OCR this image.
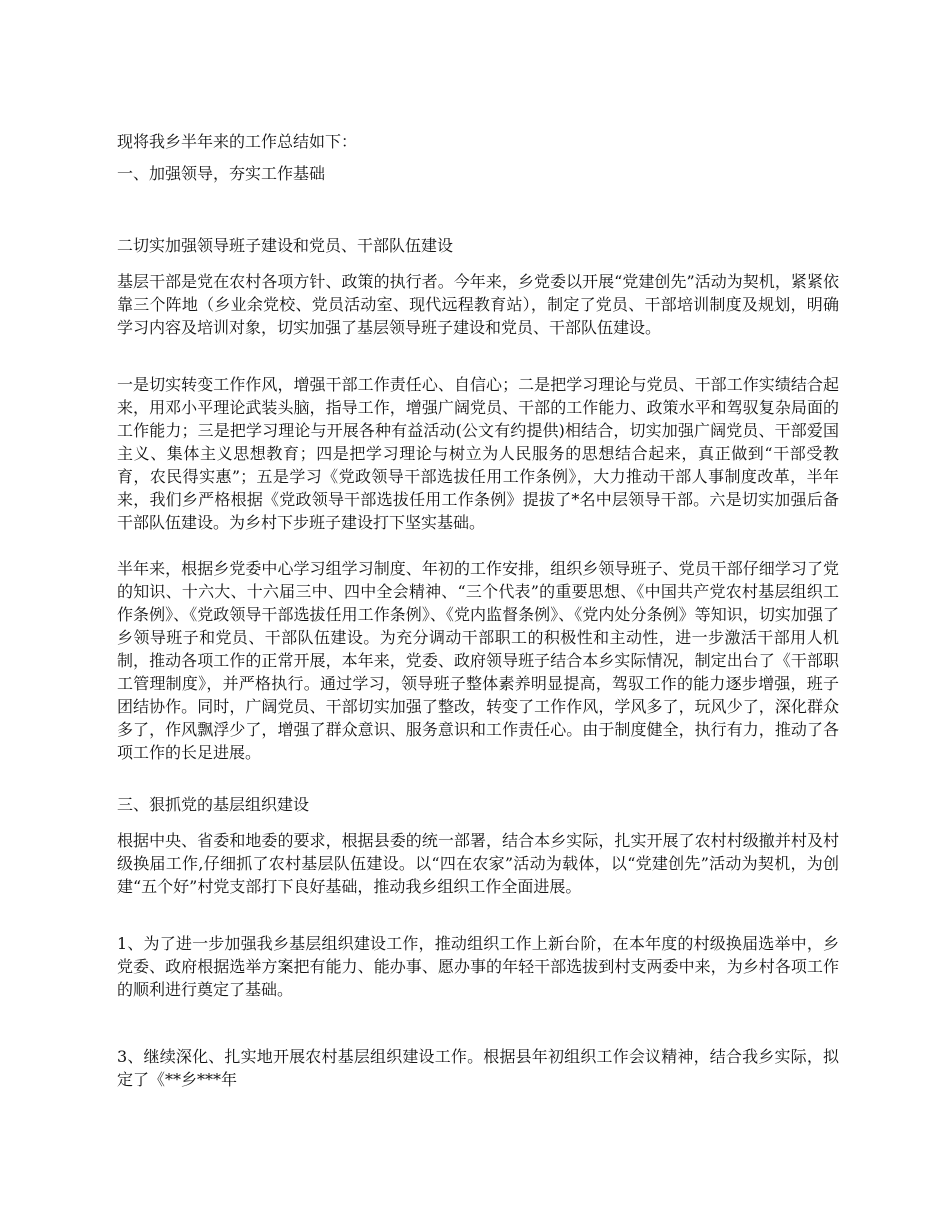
现将我乡半年来的工作总结如下：

一、加强领导，夯实工作基础

二切实加强领导班子建设和党员、干部队伍建设

基层干部是党在农村各项方针、政策的执行者。今年来，乡党委以开展“党建创先”活动为契机，紧紧依靠三个阵地（乡业余党校、党员活动室、现代远程教育站），制定了党员、干部培训制度及规划，明确学习内容及培训对象，切实加强了基层领导班子建设和党员、干部队伍建设。

一是切实转变工作作风，增强干部工作责任心、自信心；二是把学习理论与党员、干部工作实绩结合起来，用邓小平理论武装头脑，指导工作，增强广阔党员、干部的工作能力、政策水平和驾驭复杂局面的工作能力；三是把学习理论与开展各种有益活动(公文有约提供)相结合，切实加强广阔党员、干部爱国主义、集体主义思想教育；四是把学习理论与树立为人民服务的思想结合起来，真正做到“干部受教育，农民得实惠”；五是学习《党政领导干部选拔任用工作条例》，大力推动干部人事制度改革，半年来，我们乡严格根据《党政领导干部选拔任用工作条例》提拔了*名中层领导干部。六是切实加强后备干部队伍建设。为乡村下步班子建设打下坚实基础。

半年来，根据乡党委中心学习组学习制度、年初的工作安排，组织乡领导班子、党员干部仔细学习了党的知识、十六大、十六届三中、四中全会精神、“三个代表”的重要思想、《中国共产党农村基层组织工作条例》、《党政领导干部选拔任用工作条例》、《党内监督条例》、《党内处分条例》等知识，切实加强了乡领导班子和党员、干部队伍建设。为充分调动干部职工的积极性和主动性，进一步激活干部用人机制，推动各项工作的正常开展，本年来，党委、政府领导班子结合本乡实际情况，制定出台了《干部职工管理制度》，并严格执行。通过学习，领导班子整体素养明显提高，驾驭工作的能力逐步增强，班子团结协作。同时，广阔党员、干部切实加强了整改，转变了工作作风，学风多了，玩风少了，深化群众多了，作风飘浮少了，增强了群众意识、服务意识和工作责任心。由于制度健全，执行有力，推动了各项工作的长足进展。

三、狠抓党的基层组织建设

根据中央、省委和地委的要求，根据县委的统一部署，结合本乡实际，扎实开展了农村村级撤并村及村级换届工作,仔细抓了农村基层队伍建设。以“四在农家”活动为载体，以“党建创先”活动为契机，为创建“五个好”村党支部打下良好基础，推动我乡组织工作全面进展。

1、为了进一步加强我乡基层组织建设工作，推动组织工作上新台阶，在本年度的村级换届选举中，乡党委、政府根据选举方案把有能力、能办事、愿办事的年轻干部选拔到村支两委中来，为乡村各项工作的顺利进行奠定了基础。

3、继续深化、扎实地开展农村基层组织建设工作。根据县年初组织工作会议精神，结合我乡实际，拟定了《**乡***年
